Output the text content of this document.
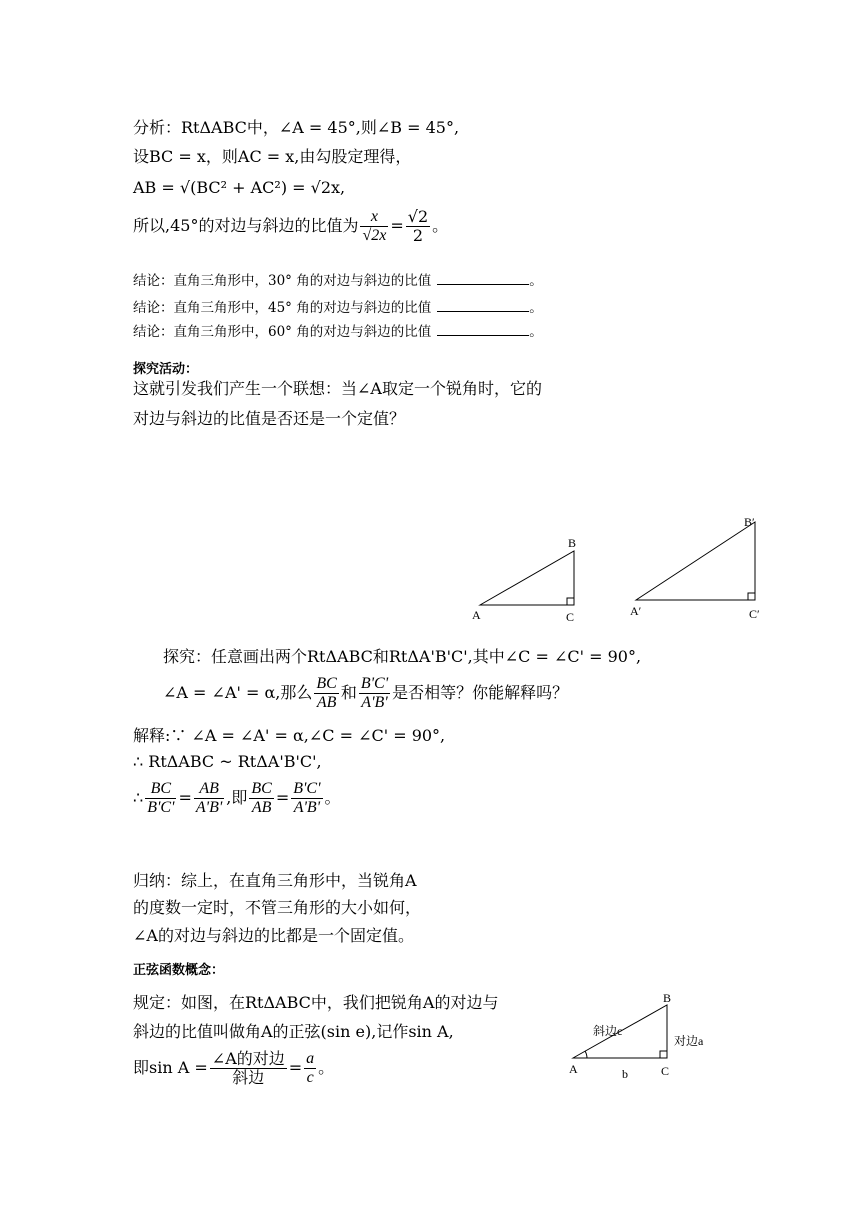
分析：RtΔABC中，∠A = 45°,则∠B = 45°,
设BC = x，则AC = x,由勾股定理得，
AB = √(BC² + AC²) = √2x,
所以,45°的对边与斜边的比值为 $\frac{x}{√2x} = \frac{√2}{2}$ 。
结论：直角三角形中，30° 角的对边与斜边的比值	。
结论：直角三角形中，45° 角的对边与斜边的比值	。
结论：直角三角形中，60° 角的对边与斜边的比值	。
探究活动：
这就引发我们产生一个联想：当∠A取定一个锐角时，它的
对边与斜边的比值是否还是一个定值？
A
B
C	A′
B′
C′
探究：任意画出两个RtΔABC和RtΔA'B'C',其中∠C = ∠C' = 90°,
∠A = ∠A' = α,那么 $\frac{BC}{AB}$ 和 $\frac{B'C'}{A'B'}$ 是否相等？你能解释吗？
解释:∵ ∠A = ∠A' = α,∠C = ∠C' = 90°,
∴ RtΔABC ~ RtΔA'B'C',
∴ $\frac{BC}{B'C'} = \frac{AB}{A'B'}$ ,即 $\frac{BC}{AB} = \frac{B'C'}{A'B'}$ 。
归纳：综上，在直角三角形中，当锐角A
的度数一定时，不管三角形的大小如何，
∠A的对边与斜边的比都是一个固定值。
正弦函数概念：
规定：如图，在RtΔABC中，我们把锐角A的对边与
斜边的比值叫做角A的正弦(sin e),记作sin A,
即$\sin A = \frac{\text{∠A的对边}}{\text{斜边}} = \frac{a}{c}$ 。	A
B
C
斜边c
对边a
b
